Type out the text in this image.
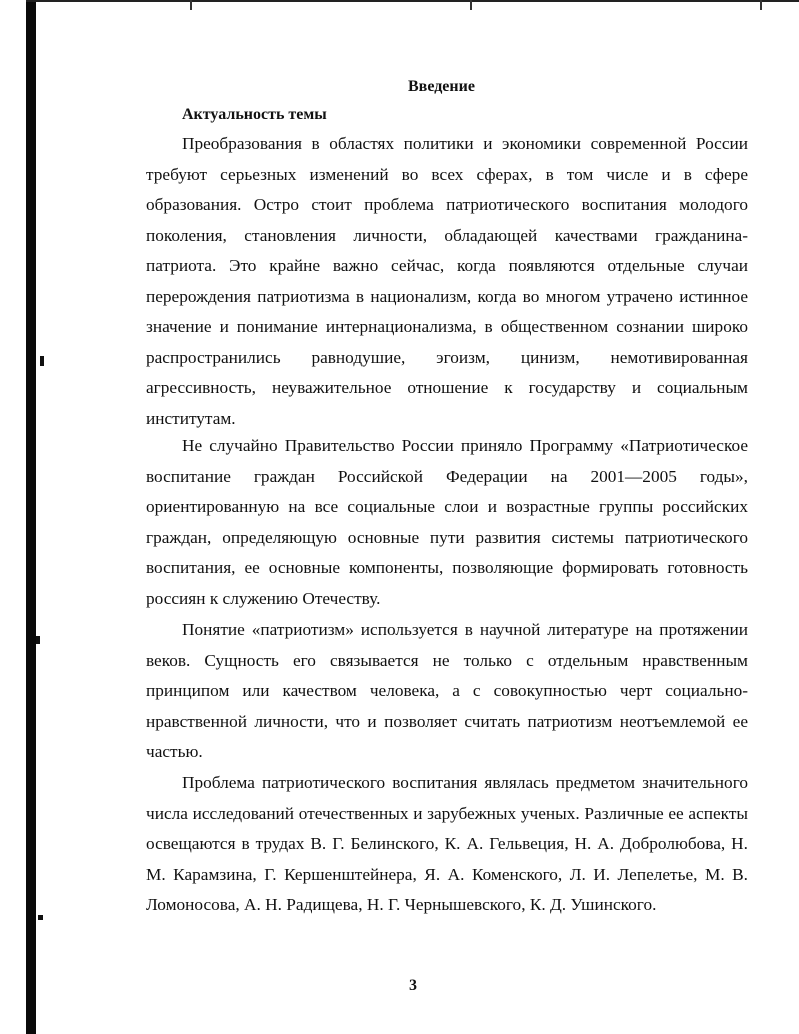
Введение
Актуальность темы

Преобразования в областях политики и экономики современной России требуют серьезных изменений во всех сферах, в том числе и в сфере образования. Остро стоит проблема патриотического воспитания молодого поколения, становления личности, обладающей качествами гражданина-патриота. Это крайне важно сейчас, когда появляются отдельные случаи перерождения патриотизма в национализм, когда во многом утрачено истинное значение и понимание интернационализма, в общественном сознании широко распространились равнодушие, эгоизм, цинизм, немотивированная агрессивность, неуважительное отношение к государству и социальным институтам.

Не случайно Правительство России приняло Программу «Патриотическое воспитание граждан Российской Федерации на 2001—2005 годы», ориентированную на все социальные слои и возрастные группы российских граждан, определяющую основные пути развития системы патриотического воспитания, ее основные компоненты, позволяющие формировать готовность россиян к служению Отечеству.

Понятие «патриотизм» используется в научной литературе на протяжении веков. Сущность его связывается не только с отдельным нравственным принципом или качеством человека, а с совокупностью черт социально-нравственной личности, что и позволяет считать патриотизм неотъемлемой ее частью.

Проблема патриотического воспитания являлась предметом значительного числа исследований отечественных и зарубежных ученых. Различные ее аспекты освещаются в трудах В. Г. Белинского, К. А. Гельвеция, Н. А. Добролюбова, Н. М. Карамзина, Г. Кершенштейнера, Я. А. Коменского, Л. И. Лепелетье, М. В. Ломоносова, А. Н. Радищева, Н. Г. Чернышевского, К. Д. Ушинского.

3
